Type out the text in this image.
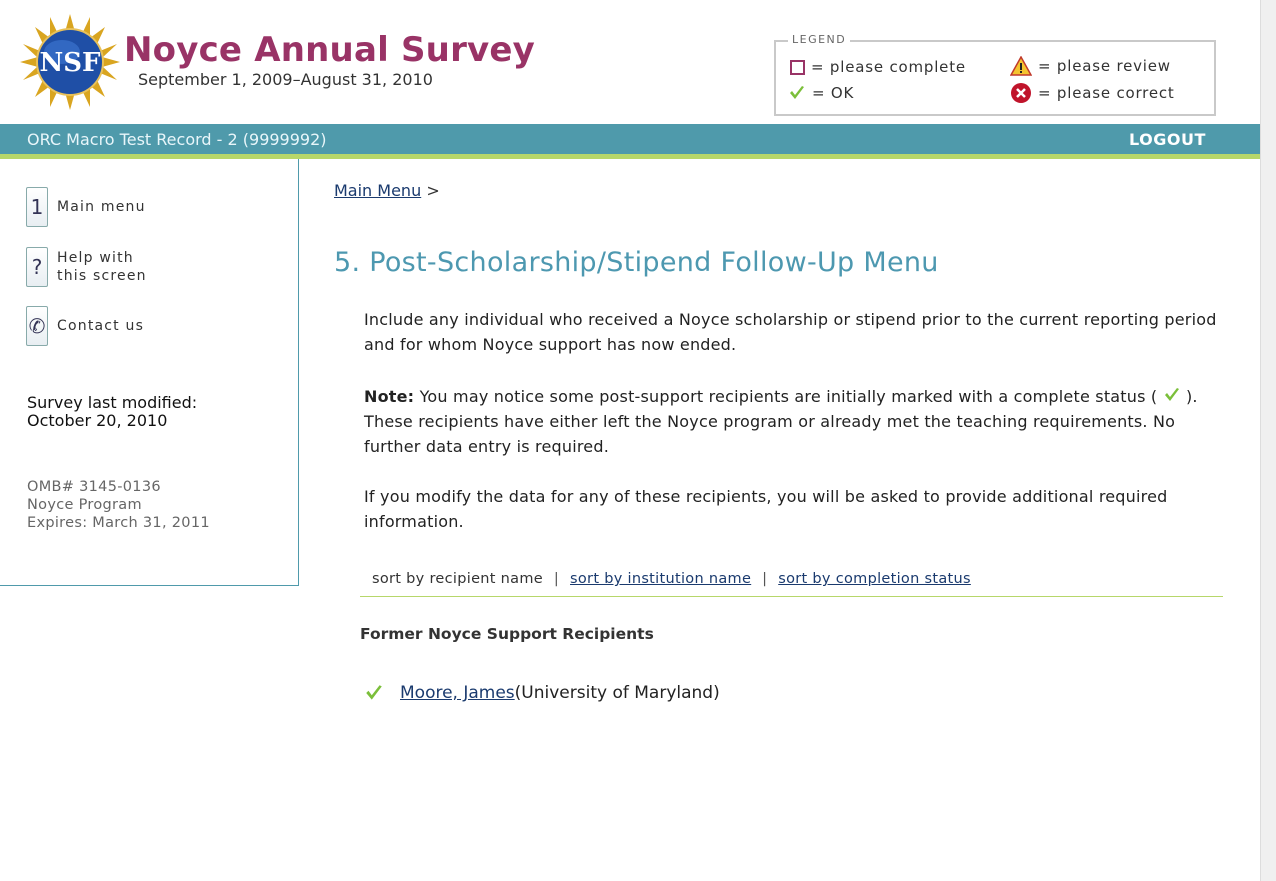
NSF Noyce Annual Survey
September 1, 2009–August 31, 2010
LEGEND
= please complete	= please review
= OK	= please correct
ORC Macro Test Record - 2 (9999992)	LOGOUT
1 Main menu
?	Help with
this screen
✆ Contact us
Survey last modified:
October 20, 2010
OMB# 3145-0136
Noyce Program
Expires: March 31, 2011
Main Menu >
5. Post-Scholarship/Stipend Follow-Up Menu
Include any individual who received a Noyce scholarship or stipend prior to the current reporting period and for whom Noyce support has now ended.
Note: You may notice some post-support recipients are initially marked with a complete status (  ). These recipients have either left the Noyce program or already met the teaching requirements. No further data entry is required.
If you modify the data for any of these recipients, you will be asked to provide additional required information.
sort by recipient name | sort by institution name | sort by completion status
Former Noyce Support Recipients
Moore, James (University of Maryland)
